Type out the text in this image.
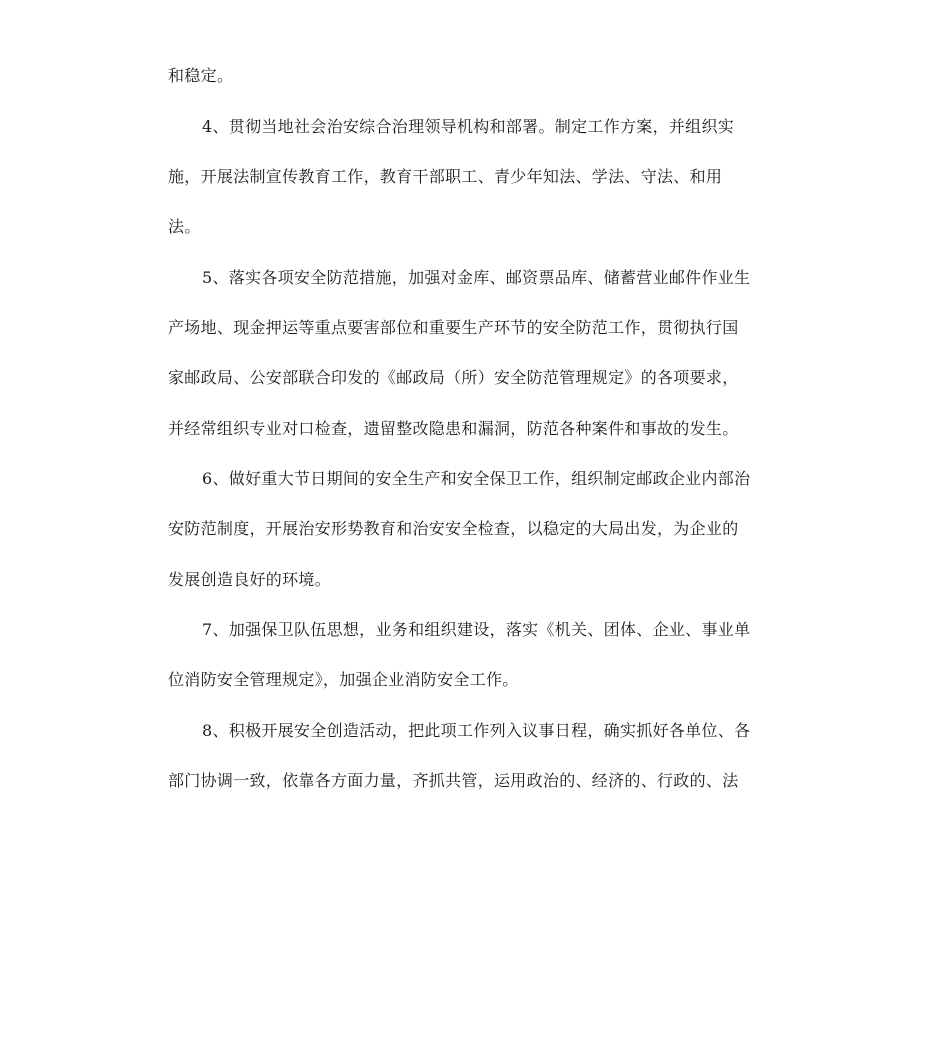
和稳定。
4、贯彻当地社会治安综合治理领导机构和部署。制定工作方案，并组织实
施，开展法制宣传教育工作，教育干部职工、青少年知法、学法、守法、和用
法。
5、落实各项安全防范措施，加强对金库、邮资票品库、储蓄营业邮件作业生
产场地、现金押运等重点要害部位和重要生产环节的安全防范工作，贯彻执行国
家邮政局、公安部联合印发的《邮政局（所）安全防范管理规定》的各项要求，
并经常组织专业对口检查，遗留整改隐患和漏洞，防范各种案件和事故的发生。
6、做好重大节日期间的安全生产和安全保卫工作，组织制定邮政企业内部治
安防范制度，开展治安形势教育和治安安全检查，以稳定的大局出发，为企业的
发展创造良好的环境。
7、加强保卫队伍思想，业务和组织建设，落实《机关、团体、企业、事业单
位消防安全管理规定》，加强企业消防安全工作。
8、积极开展安全创造活动，把此项工作列入议事日程，确实抓好各单位、各
部门协调一致，依靠各方面力量，齐抓共管，运用政治的、经济的、行政的、法
